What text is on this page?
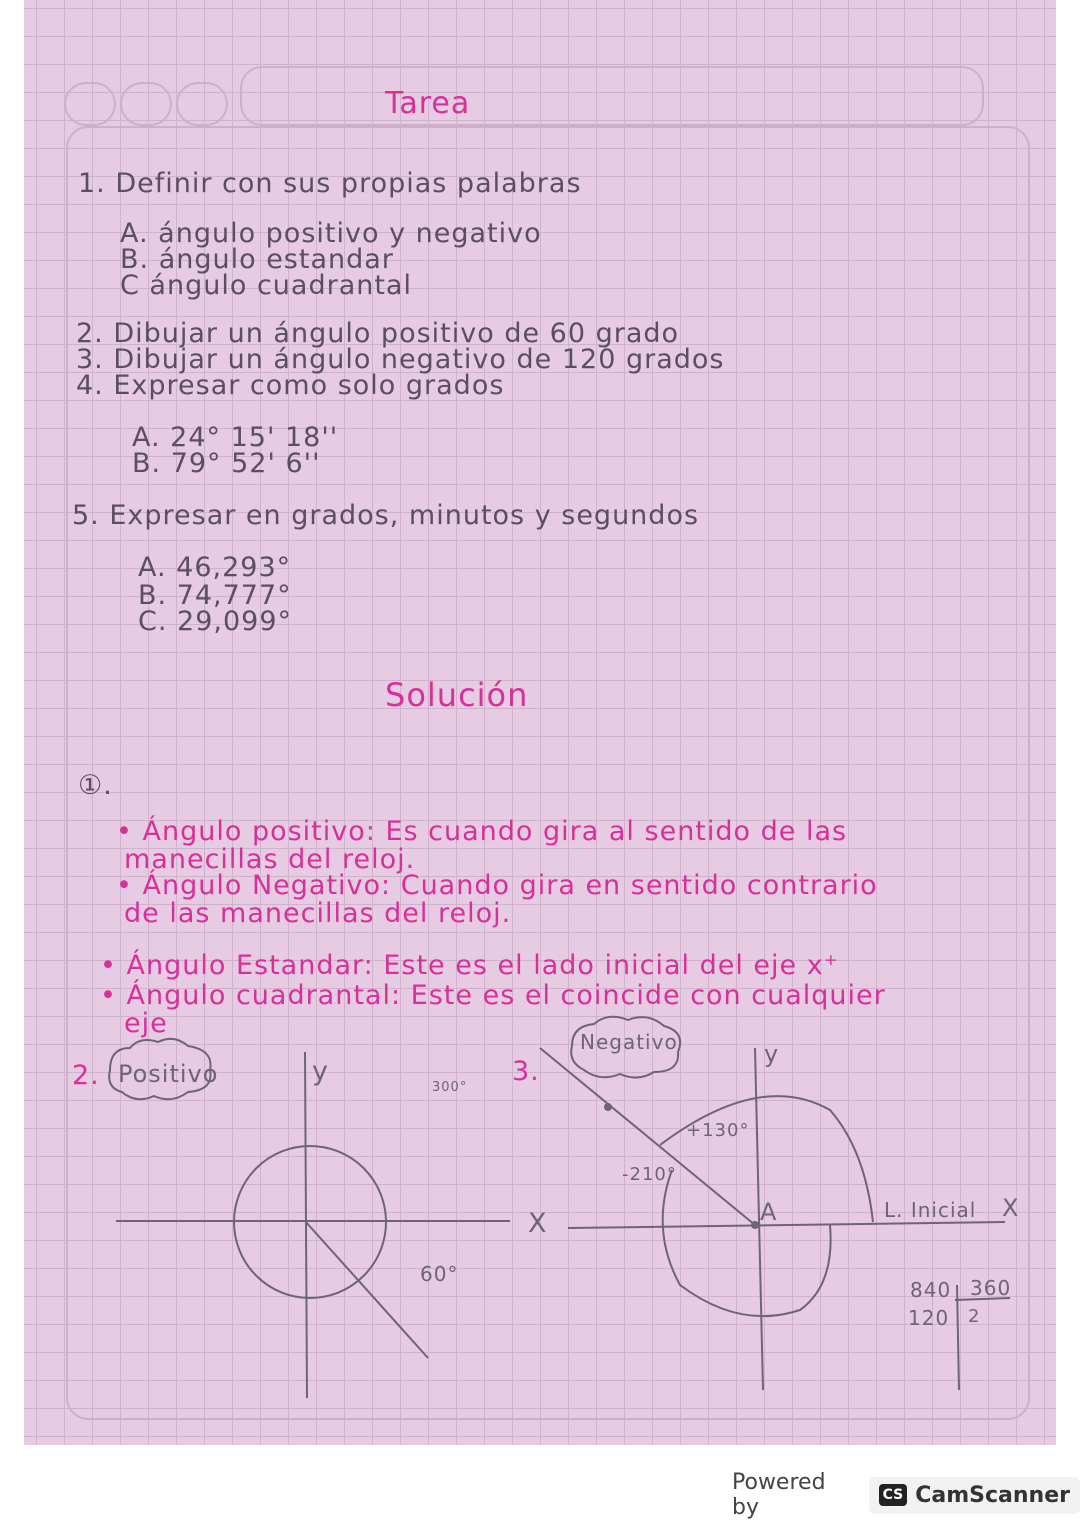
Tarea
1. Definir con sus propias palabras
A. ángulo positivo y negativo
B. ángulo estandar
C ángulo cuadrantal
2. Dibujar un ángulo positivo de 60 grado
3. Dibujar un ángulo negativo de 120 grados
4. Expresar como solo grados
A. 24° 15' 18''
B. 79° 52' 6''
5. Expresar en grados, minutos y segundos
A. 46,293°
B. 74,777°
C. 29,099°
Solución
①.
• Ángulo positivo: Es cuando gira al sentido de las
manecillas del reloj.
• Ángulo Negativo: Cuando gira en sentido contrario
de las manecillas del reloj.
• Ángulo Estandar: Este es el lado inicial del eje x⁺
• Ángulo cuadrantal: Este es el coincide con cualquier
eje
2. Positivo	y
X
300°
60°
3.
Negativo	y
+130°
-210°
A	L. Inicial X
840 360
120 2
Powered by	CS CamScanner
